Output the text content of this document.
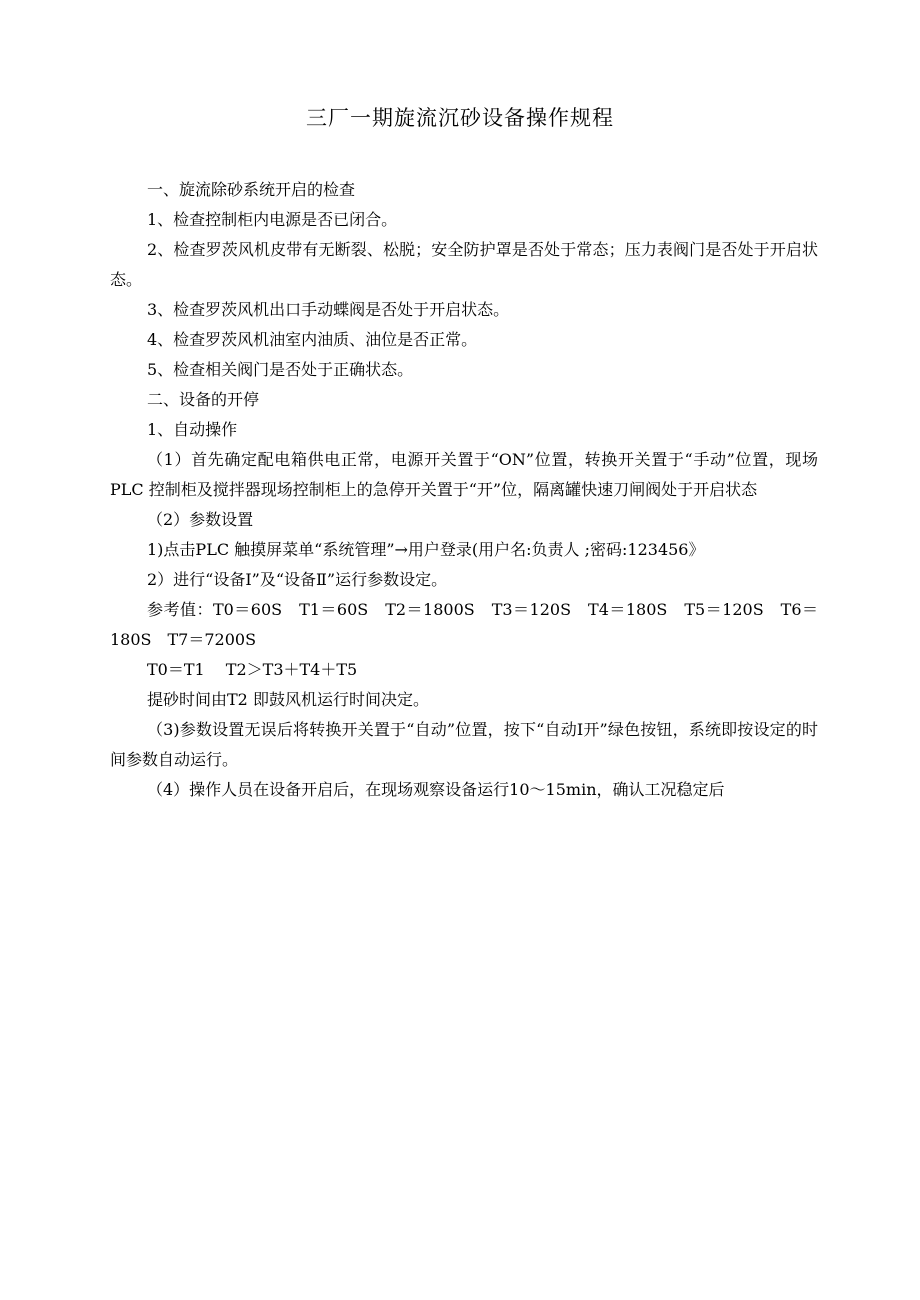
三厂一期旋流沉砂设备操作规程

一、旋流除砂系统开启的检查

1、检查控制柜内电源是否已闭合。

2、检查罗茨风机皮带有无断裂、松脱；安全防护罩是否处于常态；压力表阀门是否处于开启状态。

3、检查罗茨风机出口手动蝶阀是否处于开启状态。

4、检查罗茨风机油室内油质、油位是否正常。

5、检查相关阀门是否处于正确状态。

二、设备的开停

1、自动操作

（1）首先确定配电箱供电正常，电源开关置于“ON”位置，转换开关置于“手动”位置，现场PLC 控制柜及搅拌器现场控制柜上的急停开关置于“开”位，隔离罐快速刀闸阀处于开启状态

（2）参数设置

1)点击PLC 触摸屏菜单“系统管理”→用户登录(用户名:负责人 ;密码:123456》

2）进行“设备Ⅰ”及“设备Ⅱ”运行参数设定。

参考值：T0＝60S　T1＝60S　T2＝1800S　T3＝120S　T4＝180S　T5＝120S　T6＝180S　T7＝7200S

T0＝T1　 T2＞T3＋T4＋T5

提砂时间由T2 即鼓风机运行时间决定。

（3)参数设置无误后将转换开关置于“自动”位置，按下“自动Ⅰ开”绿色按钮，系统即按设定的时间参数自动运行。

（4）操作人员在设备开启后，在现场观察设备运行10～15min，确认工况稳定后
